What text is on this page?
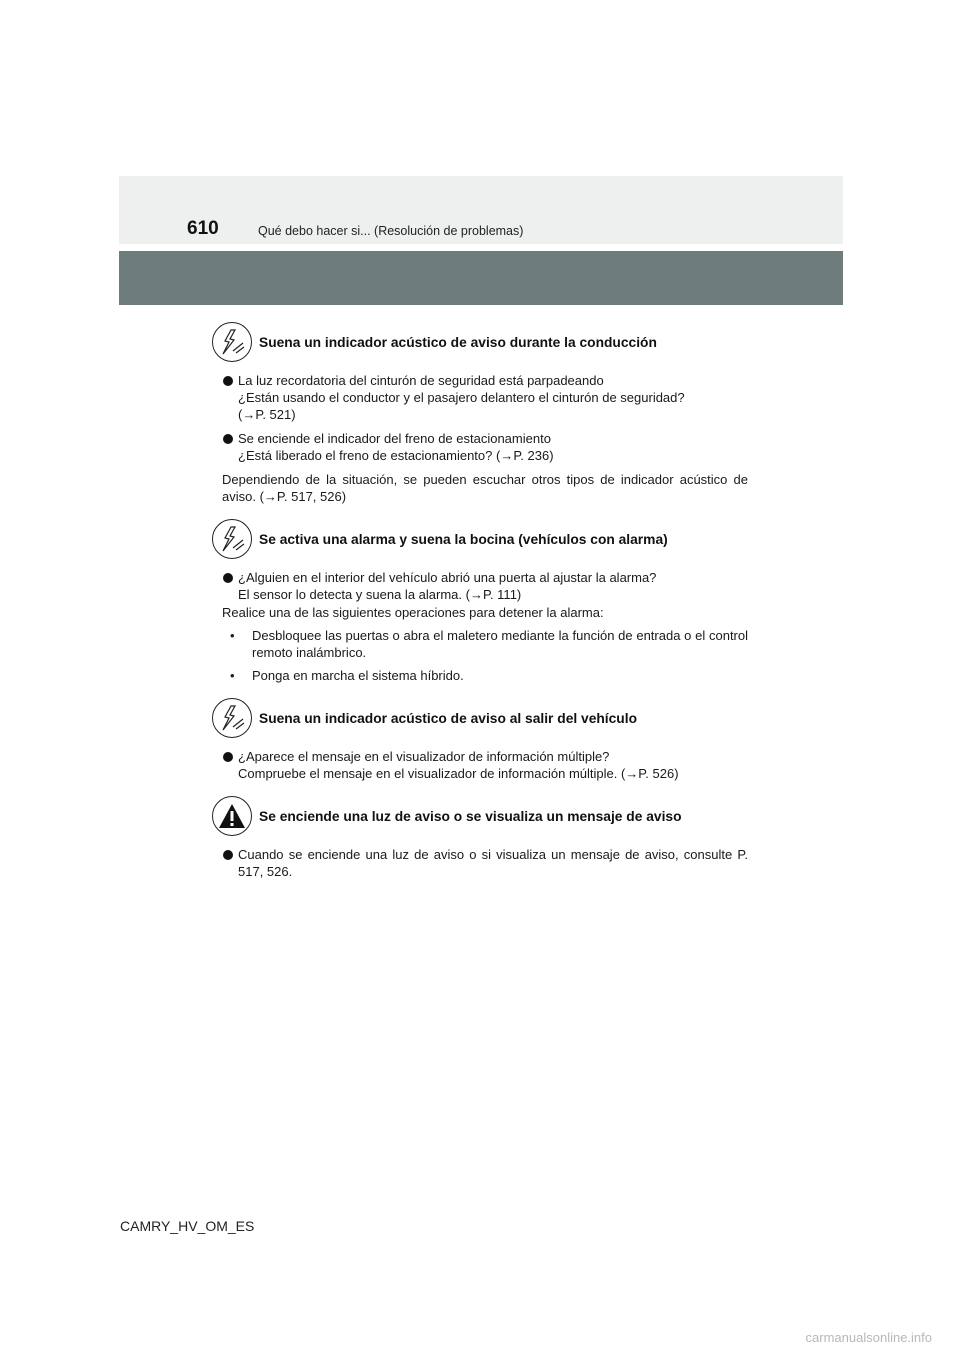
610	Qué debo hacer si... (Resolución de problemas)
Suena un indicador acústico de aviso durante la conducción
La luz recordatoria del cinturón de seguridad está parpadeando
¿Están usando el conductor y el pasajero delantero el cinturón de seguridad?
(→P. 521)
Se enciende el indicador del freno de estacionamiento
¿Está liberado el freno de estacionamiento? (→P. 236)
Dependiendo de la situación, se pueden escuchar otros tipos de indicador acústico de aviso. (→P. 517, 526)
Se activa una alarma y suena la bocina (vehículos con alarma)
¿Alguien en el interior del vehículo abrió una puerta al ajustar la alarma?
El sensor lo detecta y suena la alarma. (→P. 111)
Realice una de las siguientes operaciones para detener la alarma:
• Desbloquee las puertas o abra el maletero mediante la función de entrada o el control remoto inalámbrico.
• Ponga en marcha el sistema híbrido.
Suena un indicador acústico de aviso al salir del vehículo
¿Aparece el mensaje en el visualizador de información múltiple?
Compruebe el mensaje en el visualizador de información múltiple. (→P. 526)
Se enciende una luz de aviso o se visualiza un mensaje de aviso
Cuando se enciende una luz de aviso o si visualiza un mensaje de aviso, consulte P. 517, 526.
CAMRY_HV_OM_ES
carmanualsonline.info
